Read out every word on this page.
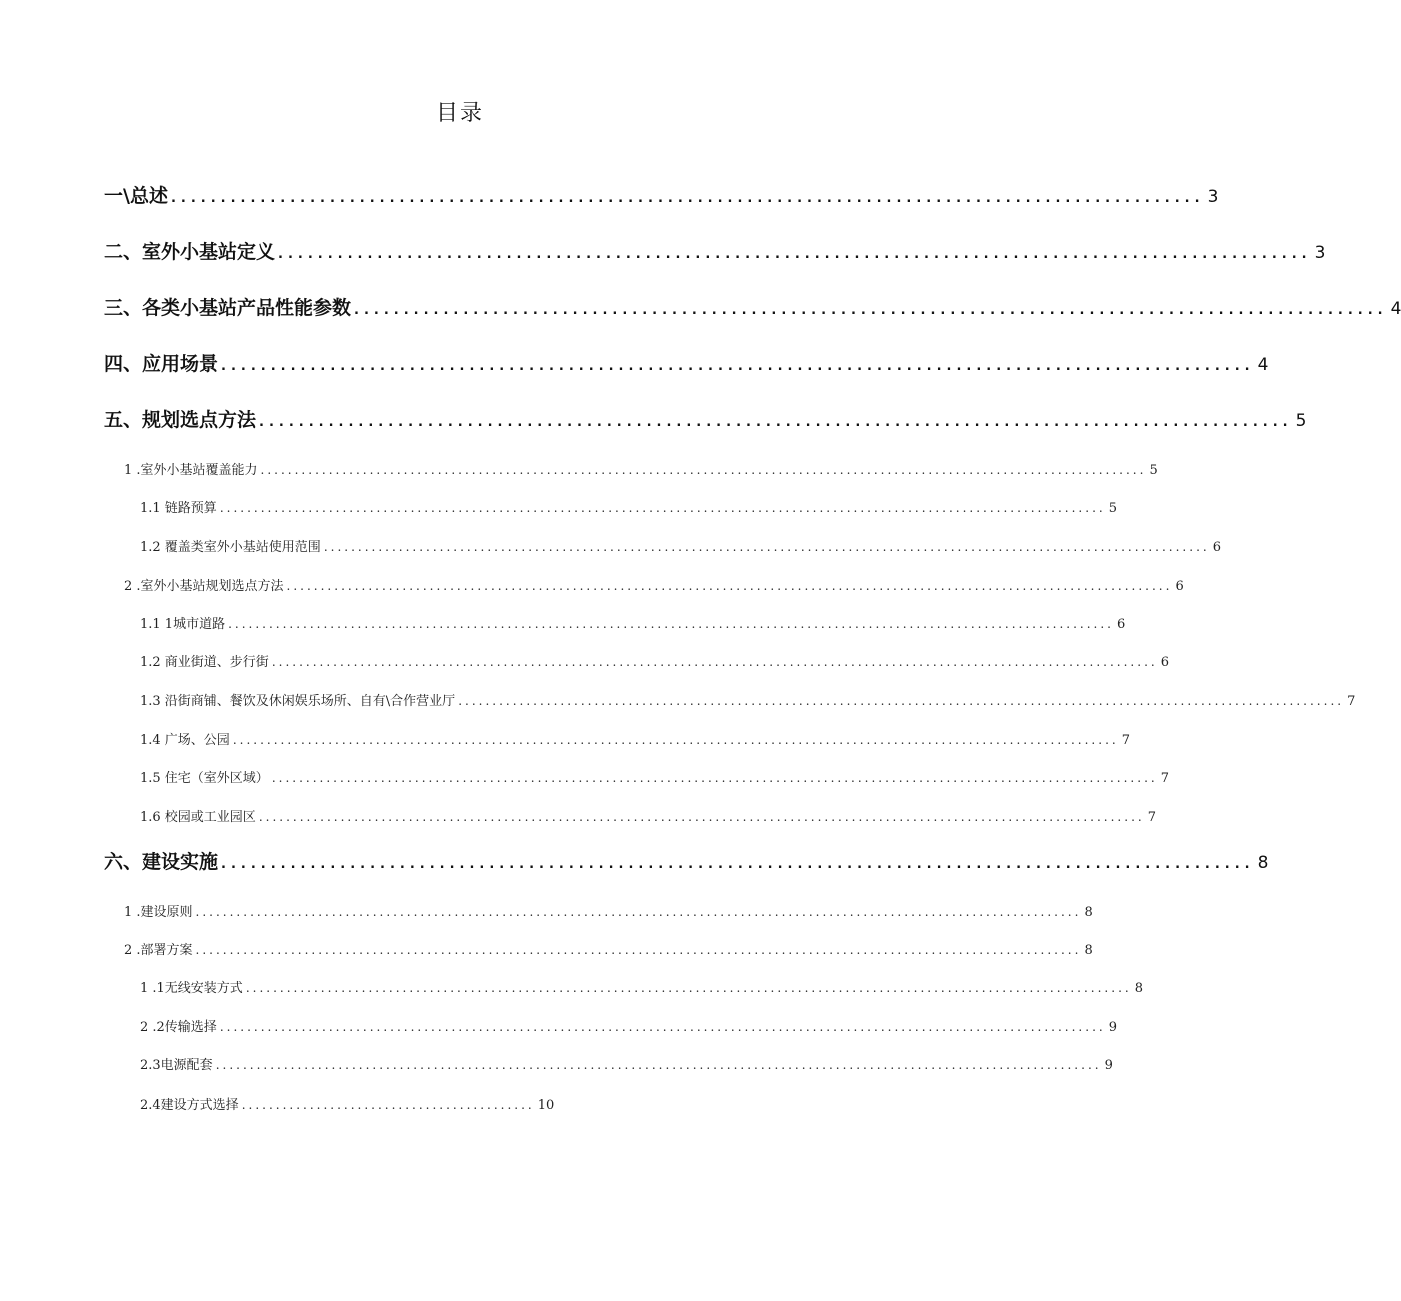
目录
一\总述 ........................................................................................................ 3
二、室外小基站定义 ........................................................................................................ 3
三、各类小基站产品性能参数 ........................................................................................................ 4
四、应用场景 ........................................................................................................ 4
五、规划选点方法 ........................................................................................................ 5
1 .室外小基站覆盖能力 .................................................................................................................................. 5
1.1 链路预算 .................................................................................................................................. 5
1.2 覆盖类室外小基站使用范围 .................................................................................................................................. 6
2 .室外小基站规划选点方法 .................................................................................................................................. 6
1.1 1城市道路 .................................................................................................................................. 6
1.2 商业街道、步行街 .................................................................................................................................. 6
1.3 沿街商铺、餐饮及休闲娱乐场所、自有\合作营业厅 .................................................................................................................................. 7
1.4 广场、公园 .................................................................................................................................. 7
1.5 住宅（室外区域） .................................................................................................................................. 7
1.6 校园或工业园区 .................................................................................................................................. 7
六、建设实施 ........................................................................................................ 8
1 .建设原则 .................................................................................................................................. 8
2 .部署方案 .................................................................................................................................. 8
1 .1无线安装方式 .................................................................................................................................. 8
2 .2传输选择 .................................................................................................................................. 9
2.3电源配套 .................................................................................................................................. 9
2.4建设方式选择 ........................................... 10
